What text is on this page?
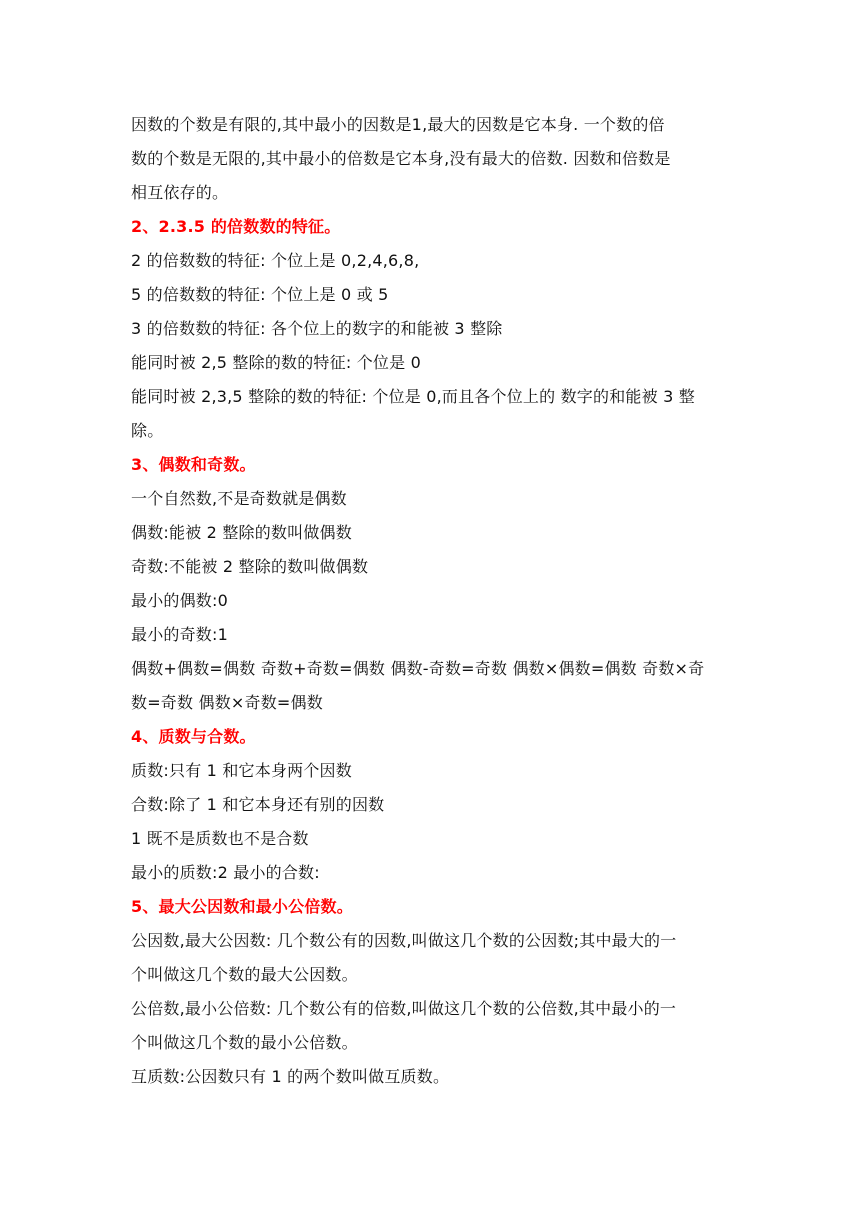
因数的个数是有限的,其中最小的因数是1,最大的因数是它本身. 一个数的倍
数的个数是无限的,其中最小的倍数是它本身,没有最大的倍数. 因数和倍数是
相互依存的。
2、2.3.5 的倍数数的特征。
2 的倍数数的特征: 个位上是 0,2,4,6,8,
5 的倍数数的特征: 个位上是 0 或 5
3 的倍数数的特征: 各个位上的数字的和能被 3 整除
能同时被 2,5 整除的数的特征: 个位是 0
能同时被 2,3,5 整除的数的特征: 个位是 0,而且各个位上的 数字的和能被 3 整
除。
3、偶数和奇数。
一个自然数,不是奇数就是偶数
偶数:能被 2 整除的数叫做偶数
奇数:不能被 2 整除的数叫做偶数
最小的偶数:0
最小的奇数:1
偶数+偶数=偶数 奇数+奇数=偶数 偶数-奇数=奇数 偶数×偶数=偶数 奇数×奇
数=奇数 偶数×奇数=偶数
4、质数与合数。
质数:只有 1 和它本身两个因数
合数:除了 1 和它本身还有别的因数
1 既不是质数也不是合数
最小的质数:2 最小的合数:
5、最大公因数和最小公倍数。
公因数,最大公因数: 几个数公有的因数,叫做这几个数的公因数;其中最大的一
个叫做这几个数的最大公因数。
公倍数,最小公倍数: 几个数公有的倍数,叫做这几个数的公倍数,其中最小的一
个叫做这几个数的最小公倍数。
互质数:公因数只有 1 的两个数叫做互质数。
